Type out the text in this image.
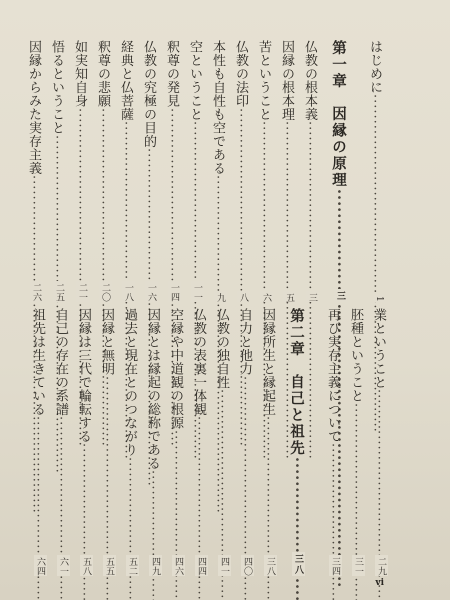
はじめに ·····
1
第一章　因縁の原理 ·····
三
仏教の根本義 ·····
三
因縁の根本理 ·····
五
苦ということ ·····
六
仏教の法印 ·····
八
本性も自性も空である ·····
九
空ということ ·····
一一
釈尊の発見 ·····
一四
仏教の究極の目的 ·····
一六
経典と仏菩薩 ·····
一八
釈尊の悲願 ·····
二〇
如実知自身 ·····
二一
悟るということ ·····
二五
因縁からみた実存主義 ·····
二六
業ということ ·····
二九
胚種ということ ·····
三一
再び実存主義について ·····
三四
第二章　自己と祖先 ·····
三八
因縁所生と縁起生 ·····
三八
自力と他力 ·····
四〇
仏教の独自性 ·····
四一
仏教の表裏一体観 ·····
四四
空縁や中道観の根源 ·····
四六
因縁とは縁起の総称である ·····
四九
過去と現在とのつながり ·····
五二
因縁と無明 ·····
五五
因縁は三代で輪転する ·····
五八
自己の存在の系譜 ·····
六一
祖先は生きている ·····
六四
vi
